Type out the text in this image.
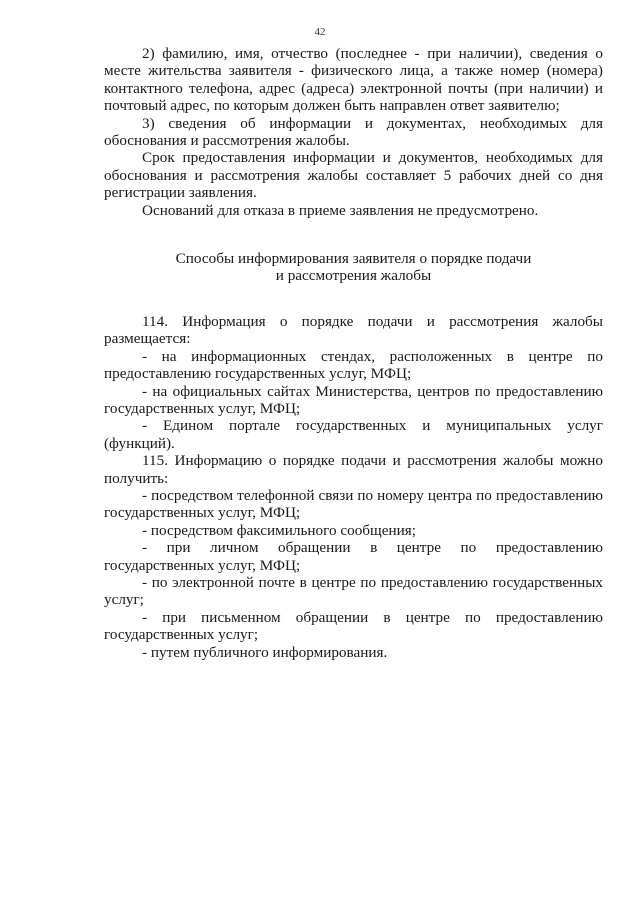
42

2) фамилию, имя, отчество (последнее - при наличии), сведения о месте жительства заявителя - физического лица, а также номер (номера) контактного телефона, адрес (адреса) электронной почты (при наличии) и почтовый адрес, по которым должен быть направлен ответ заявителю;

3) сведения об информации и документах, необходимых для обоснования и рассмотрения жалобы.

Срок предоставления информации и документов, необходимых для обоснования и рассмотрения жалобы составляет 5 рабочих дней со дня регистрации заявления.

Оснований для отказа в приеме заявления не предусмотрено.

Способы информирования заявителя о порядке подачи
и рассмотрения жалобы

114. Информация о порядке подачи и рассмотрения жалобы размещается:

- на информационных стендах, расположенных в центре по предоставлению государственных услуг, МФЦ;

- на официальных сайтах Министерства, центров по предоставлению государственных услуг, МФЦ;

- Едином портале государственных и муниципальных услуг (функций).

115. Информацию о порядке подачи и рассмотрения жалобы можно получить:

- посредством телефонной связи по номеру центра по предоставлению государственных услуг, МФЦ;

- посредством факсимильного сообщения;

- при личном обращении в центре по предоставлению государственных услуг, МФЦ;

- по электронной почте в центре по предоставлению государственных услуг;

- при письменном обращении в центре по предоставлению государственных услуг;

- путем публичного информирования.
